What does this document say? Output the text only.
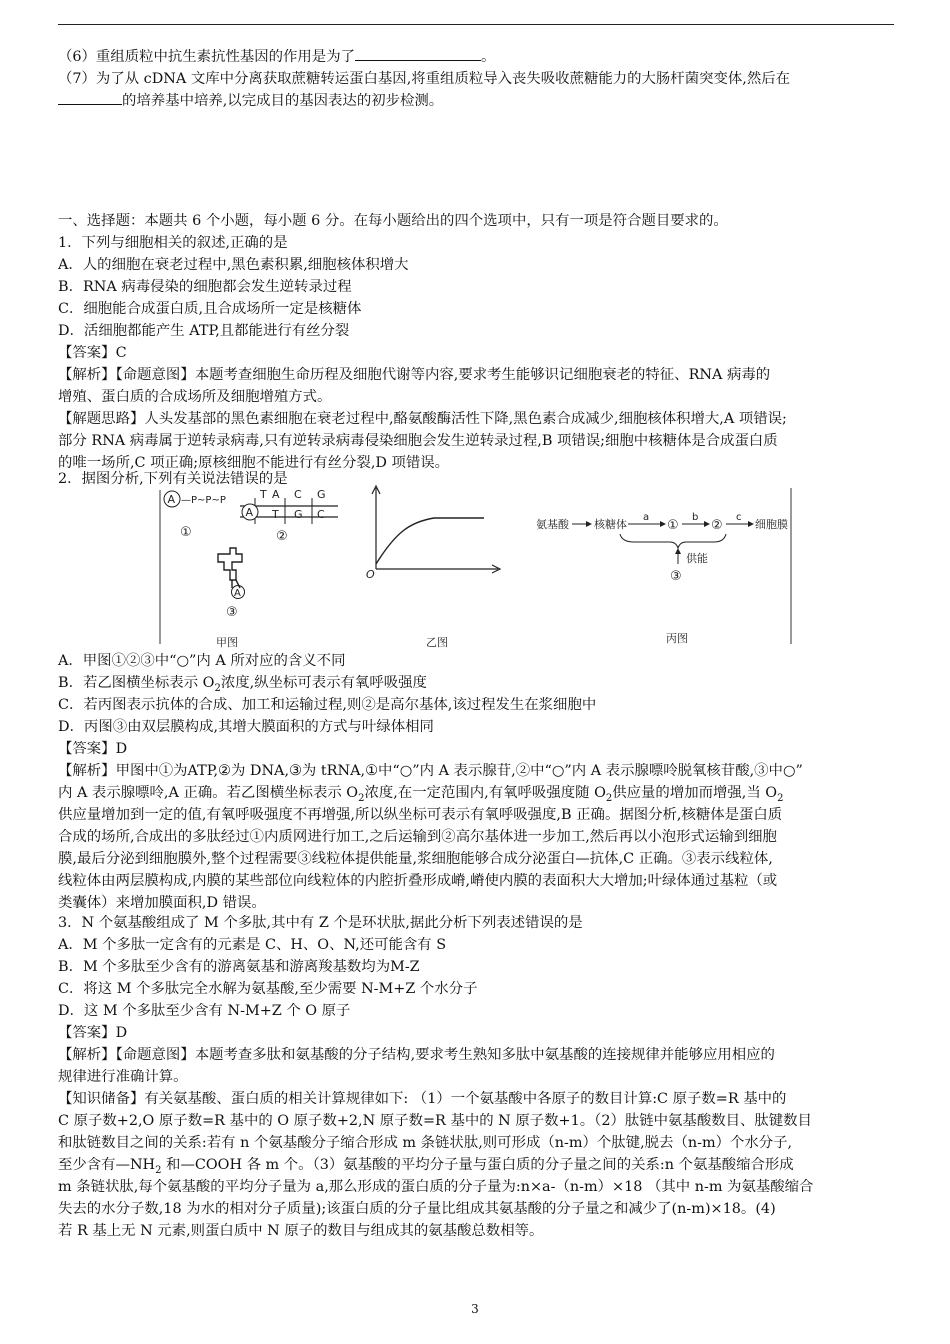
（6）重组质粒中抗生素抗性基因的作用是为了	。
（7）为了从 cDNA 文库中分离获取蔗糖转运蛋白基因,将重组质粒导入丧失吸收蔗糖能力的大肠杆菌突变体,然后在
的培养基中培养,以完成目的基因表达的初步检测。
一、选择题：本题共 6 个小题，每小题 6 分。在每小题给出的四个选项中，只有一项是符合题目要求的。
1．下列与细胞相关的叙述,正确的是
A．人的细胞在衰老过程中,黑色素积累,细胞核体积增大
B．RNA 病毒侵染的细胞都会发生逆转录过程
C．细胞能合成蛋白质,且合成场所一定是核糖体
D．活细胞都能产生 ATP,且都能进行有丝分裂
【答案】C
【解析】【命题意图】本题考查细胞生命历程及细胞代谢等内容,要求考生能够识记细胞衰老的特征、RNA 病毒的
增殖、蛋白质的合成场所及细胞增殖方式。
【解题思路】人头发基部的黑色素细胞在衰老过程中,酪氨酸酶活性下降,黑色素合成减少,细胞核体积增大,A 项错误;
部分 RNA 病毒属于逆转录病毒,只有逆转录病毒侵染细胞会发生逆转录过程,B 项错误;细胞中核糖体是合成蛋白质
的唯一场所,C 项正确;原核细胞不能进行有丝分裂,D 项错误。
2．据图分析,下列有关说法错误的是
A —P~P~P
①
T A C G
A T G C
②
A
③
甲图
O
乙图
氨基酸 核糖体
a
①
b
②
c
细胞膜
供能
③
丙图
A．甲图①②③中“○”内 A 所对应的含义不同
B．若乙图横坐标表示 $O_2$浓度,纵坐标可表示有氧呼吸强度
C．若丙图表示抗体的合成、加工和运输过程,则②是高尔基体,该过程发生在浆细胞中
D．丙图③由双层膜构成,其增大膜面积的方式与叶绿体相同
【答案】D
【解析】甲图中①为ATP,②为 DNA,③为 tRNA,①中“○”内 A 表示腺苷,②中“○”内 A 表示腺嘌呤脱氧核苷酸,③中○”
内 A 表示腺嘌呤,A 正确。若乙图横坐标表示 $O_2$浓度,在一定范围内,有氧呼吸强度随 $O_2$供应量的增加而增强,当 $O_2$
供应量增加到一定的值,有氧呼吸强度不再增强,所以纵坐标可表示有氧呼吸强度,B 正确。据图分析,核糖体是蛋白质
合成的场所,合成出的多肽经过①内质网进行加工,之后运输到②高尔基体进一步加工,然后再以小泡形式运输到细胞
膜,最后分泌到细胞膜外,整个过程需要③线粒体提供能量,浆细胞能够合成分泌蛋白—抗体,C 正确。③表示线粒体,
线粒体由两层膜构成,内膜的某些部位向线粒体的内腔折叠形成嵴,嵴使内膜的表面积大大增加;叶绿体通过基粒（或
类囊体）来增加膜面积,D 错误。
3．N 个氨基酸组成了 M 个多肽,其中有 Z 个是环状肽,据此分析下列表述错误的是
A．M 个多肽一定含有的元素是 C、H、O、N,还可能含有 S
B．M 个多肽至少含有的游离氨基和游离羧基数均为M-Z
C．将这 M 个多肽完全水解为氨基酸,至少需要 N-M+Z 个水分子
D．这 M 个多肽至少含有 N-M+Z 个 O 原子
【答案】D
【解析】【命题意图】本题考查多肽和氨基酸的分子结构,要求考生熟知多肽中氨基酸的连接规律并能够应用相应的
规律进行准确计算。
【知识储备】有关氨基酸、蛋白质的相关计算规律如下: （1）一个氨基酸中各原子的数目计算:C 原子数=R 基中的
C 原子数+2,O 原子数=R 基中的 O 原子数+2,N 原子数=R 基中的 N 原子数+1。（2）肽链中氨基酸数目、肽键数目
和肽链数目之间的关系:若有 n 个氨基酸分子缩合形成 m 条链状肽,则可形成（n-m）个肽键,脱去（n-m）个水分子,
至少含有$—NH_2$ 和—COOH 各 m 个。（3）氨基酸的平均分子量与蛋白质的分子量之间的关系:n 个氨基酸缩合形成
m 条链状肽,每个氨基酸的平均分子量为 a,那么形成的蛋白质的分子量为:n×a-（n-m）×18 （其中 n-m 为氨基酸缩合
失去的水分子数,18 为水的相对分子质量);该蛋白质的分子量比组成其氨基酸的分子量之和减少了(n-m)×18。(4)
若 R 基上无 N 元素,则蛋白质中 N 原子的数目与组成其的氨基酸总数相等。
3
